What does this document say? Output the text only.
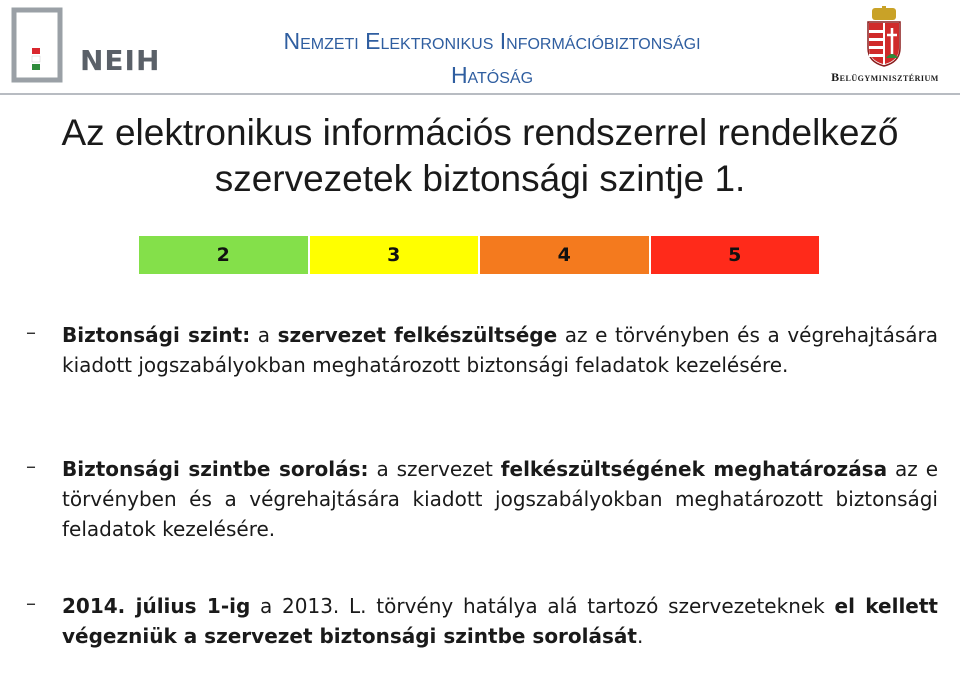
NEIH
Nemzeti Elektronikus Információbiztonsági
Hatóság	Belügyminisztérium
Az elektronikus információs rendszerrel rendelkező
szervezetek biztonsági szintje 1.
2	3	4	5
–	Biztonsági szint: a szervezet felkészültsége az e törvényben és a végrehajtására kiadott jogszabályokban meghatározott biztonsági feladatok kezelésére.

–	Biztonsági szintbe sorolás: a szervezet felkészültségének meghatározása az e törvényben és a végrehajtására kiadott jogszabályokban meghatározott biztonsági feladatok kezelésére.

–	2014. július 1-ig a 2013. L. törvény hatálya alá tartozó szervezeteknek el kellett végezniük a szervezet biztonsági szintbe sorolását.
